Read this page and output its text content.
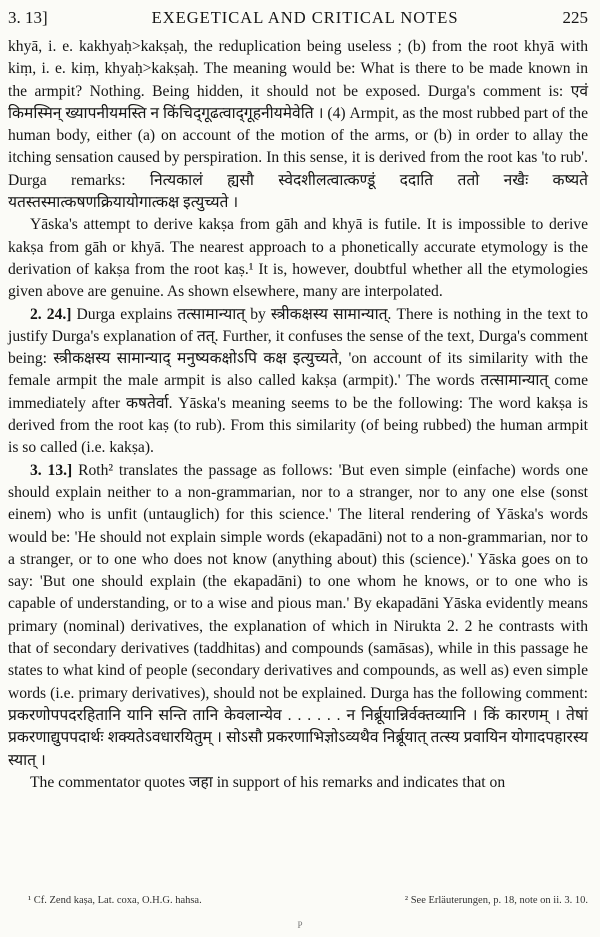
3. 13]	EXEGETICAL AND CRITICAL NOTES	225

khyā, i. e. kakhyaḥ>kakṣaḥ, the reduplication being useless ; (b) from the root khyā with kiṃ, i. e. kiṃ, khyaḥ>kakṣaḥ. The meaning would be: What is there to be made known in the armpit? Nothing. Being hidden, it should not be exposed. Durga's comment is: एवं किमस्मिन् ख्यापनीयमस्ति न किंचिद्‌गूढत्वाद्‌गूहनीयमेवेति । (4) Armpit, as the most rubbed part of the human body, either (a) on account of the motion of the arms, or (b) in order to allay the itching sensation caused by perspiration. In this sense, it is derived from the root kas 'to rub'. Durga remarks: नित्यकालं ह्यसौ स्वेदशीलत्वात्कण्डूं ददाति ततो नखैः कष्यते यतस्तस्मात्कषणक्रियायोगात्कक्ष इत्युच्यते ।

Yāska's attempt to derive kakṣa from gāh and khyā is futile. It is impossible to derive kakṣa from gāh or khyā. The nearest approach to a phonetically accurate etymology is the derivation of kakṣa from the root kaṣ.¹ It is, however, doubtful whether all the etymologies given above are genuine. As shown elsewhere, many are interpolated.

2. 24.] Durga explains तत्सामान्यात् by स्त्रीकक्षस्य सामान्यात्. There is nothing in the text to justify Durga's explanation of तत्. Further, it confuses the sense of the text, Durga's comment being: स्त्रीकक्षस्य सामान्याद् मनुष्यकक्षोऽपि कक्ष इत्युच्यते, 'on account of its similarity with the female armpit the male armpit is also called kakṣa (armpit).' The words तत्सामान्यात् come immediately after कषतेर्वा. Yāska's meaning seems to be the following: The word kakṣa is derived from the root kaṣ (to rub). From this similarity (of being rubbed) the human armpit is so called (i.e. kakṣa).

3. 13.] Roth² translates the passage as follows: 'But even simple (einfache) words one should explain neither to a non-grammarian, nor to a stranger, nor to any one else (sonst einem) who is unfit (untauglich) for this science.' The literal rendering of Yāska's words would be: 'He should not explain simple words (ekapadāni) not to a non-grammarian, nor to a stranger, or to one who does not know (anything about) this (science).' Yāska goes on to say: 'But one should explain (the ekapadāni) to one whom he knows, or to one who is capable of understanding, or to a wise and pious man.' By ekapadāni Yāska evidently means primary (nominal) derivatives, the explanation of which in Nirukta 2. 2 he contrasts with that of secondary derivatives (taddhitas) and compounds (samāsas), while in this passage he states to what kind of people (secondary derivatives and compounds, as well as) even simple words (i.e. primary derivatives), should not be explained. Durga has the following comment: प्रकरणोपपदरहितानि यानि सन्ति तानि केवलान्येव . . . . . . न निर्ब्रूयान्निर्वक्तव्यानि । किं कारणम् । तेषां प्रकरणाद्युपपदार्थः शक्यतेऽवधारयितुम् । सोऽसौ प्रकरणाभिज्ञोऽव्यथैव निर्ब्रूयात् तत्स्य प्रवायिन योगादपहारस्य स्यात् ।

The commentator quotes जहा in support of his remarks and indicates that on

¹ Cf. Zend kaṣa, Lat. coxa, O.H.G. hahsa.	² See Erläuterungen, p. 18, note on ii. 3. 10.
P
